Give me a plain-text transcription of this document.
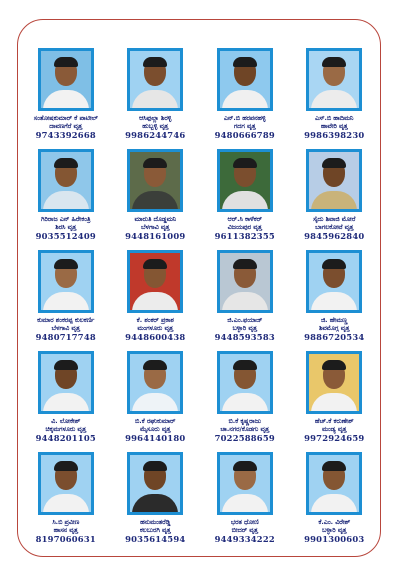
ಸಂತೋಷಕುಮಾರ್ ಕೆ ಪಾಟೀಲ್
ದಾವಣಗೆರೆ ವೃತ್ತ
9743392668
ಆಸಿಫುಲ್ಲಾ ಶಿರಳ್ಳಿ
ಹುಬ್ಬಳ್ಳಿ ವೃತ್ತ
9986244746
ಎನ್.ಬಿ ಹರಪನಹಳ್ಳಿ
ಗದಗ ವೃತ್ತ
9480666789
ಎಸ್.ಬಿ ಹಾದಿಮನಿ
ಹಾವೇರಿ ವೃತ್ತ
9986398230
ಗಿರಿರಾಜ ಎನ್ ಹಿರೇಕಂತ್ರಿ
ಶಿರಸಿ ವೃತ್ತ
9035512409
ಮಾರುತಿ ದೊಡ್ಡಮನಿ
ಬೆಳಗಾವಿ ವೃತ್ತ
9448161009
ಆರ್.ಸಿ ಕಾಳೆಕರ್
ವಿಜಯಪುರ ವೃತ್ತ
9611382355
ಸೈದು ಶಿವಾಜಿ ಮೋರೆ
ಬಾಗಲಕೋಟೆ ವೃತ್ತ
9845962840
ಕುಮಾರ ಶಂಕರಪ್ಪ ಕುಲಕರ್ಣಿ
ಬೆಳಗಾವಿ ವೃತ್ತ
9480717748
ಕೆ. ಶಂಕರ್ ಪ್ರಕಾಶ
ಮಂಗಳೂರು ವೃತ್ತ
9448600438
ಜಿ.ಎಂ.ಫಯಾಜ್
ಬಳ್ಳಾರಿ ವೃತ್ತ
9448593583
ಜಿ. ಹೇಮಣ್ಣ
ಶಿವಮೊಗ್ಗ ವೃತ್ತ
9886720534
ವಿ. ಲೋಕೇಶ್
ಚಿಕ್ಕಮಗಳೂರು ವೃತ್ತ
9448201105
ಬಿ.ಕೆ ರಘುಕುಮಾರ್
ಮೈಸೂರು ವೃತ್ತ
9964140180
ಬಿ.ಕೆ ಕೃಷ್ಣರಾಜು
ಚಾ.ನಗರ/ಕೊಡಗು ವೃತ್ತ
7022588659
ಹೆಚ್.ಕೆ ಕರುಣೇಶ್
ಮಂಡ್ಯ ವೃತ್ತ
9972924659
ಸಿ.ಬಿ ಪ್ರವೀಣ
ಹಾಸನ ವೃತ್ತ
8197060631
ಹನುಮಂತರೆಡ್ಡಿ
ಕಲಬುರಗಿ ವೃತ್ತ
9035614594
ಭರತ ಧೋಣಿ
ಬೀದರ್ ವೃತ್ತ
9449334222
ಕೆ.ಎಂ. ವಿರೇಶ್
ಬಳ್ಳಾರಿ ವೃತ್ತ
9901300603
